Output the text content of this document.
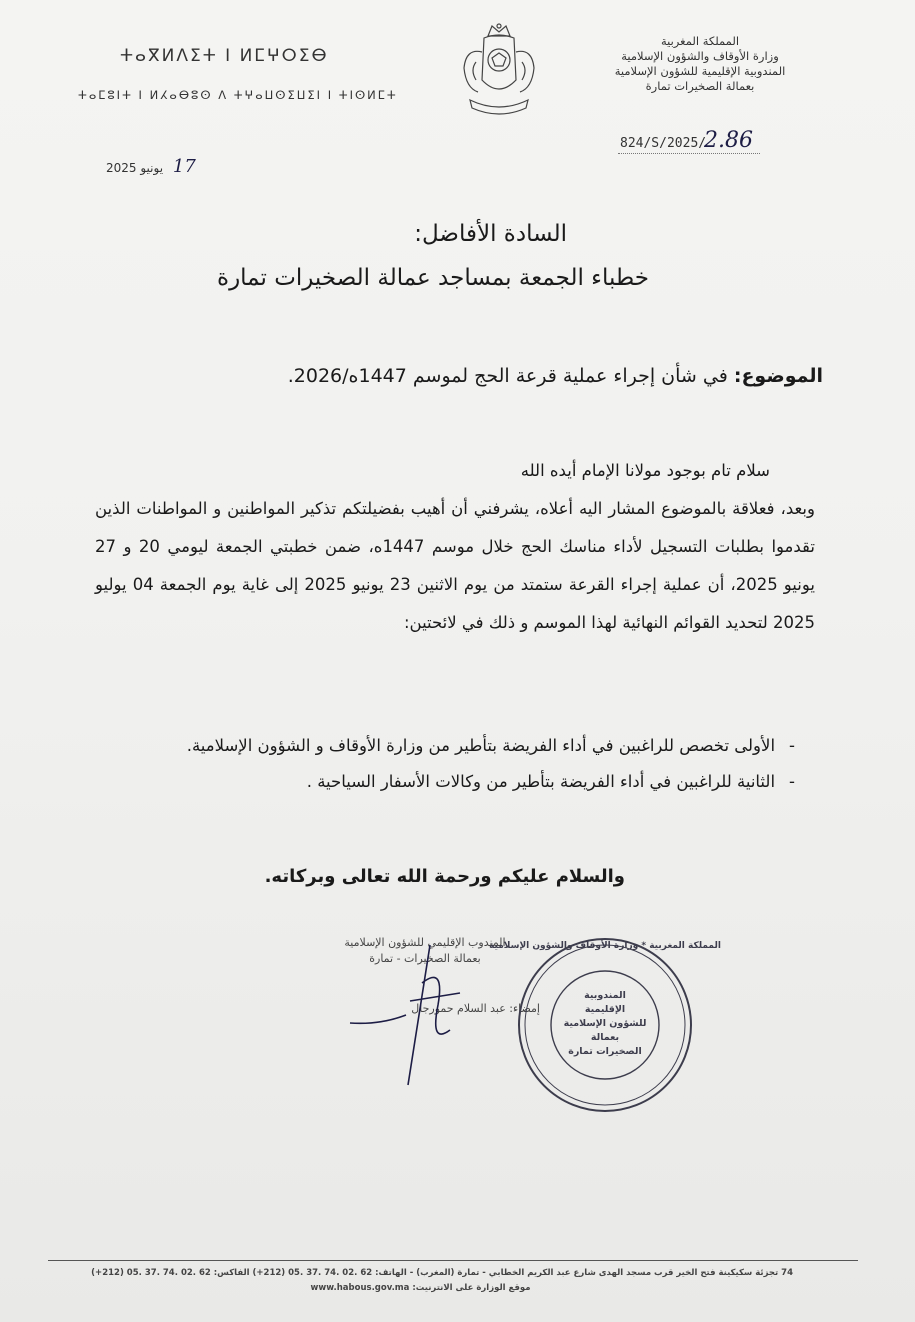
المملكة المغربية
وزارة الأوقاف والشؤون الإسلامية
المندوبية الإقليمية للشؤون الإسلامية
بعمالة الصخيرات تمارة
ⵜⴰⴳⵍⴷⵉⵜ ⵏ ⵍⵎⵖⵔⵉⴱ
ⵜⴰⵎⵓⵏⵜ ⵏ ⵍⵃⴰⴱⵓⵙ ⴷ ⵜⵖⴰⵡⵙⵉⵡⵉⵏ ⵏ ⵜⵏⵙⵍⵎⵜ
824/S/2025/
2.86
17 يونيو 2025
السادة الأفاضل:
خطباء الجمعة بمساجد عمالة الصخيرات تمارة
الموضوع: في شأن إجراء عملية قرعة الحج لموسم 1447ه/2026.

سلام تام بوجود مولانا الإمام أيده الله

وبعد، فعلاقة بالموضوع المشار اليه أعلاه، يشرفني أن أهيب بفضيلتكم تذكير المواطنين و المواطنات الذين تقدموا بطلبات التسجيل لأداء مناسك الحج خلال موسم 1447ه، ضمن خطبتي الجمعة ليومي 20 و 27 يونيو 2025، أن عملية إجراء القرعة ستمتد من يوم الاثنين 23 يونيو 2025 إلى غاية يوم الجمعة 04 يوليو 2025 لتحديد القوائم النهائية لهذا الموسم و ذلك في لائحتين:

-الأولى تخصص للراغبين في أداء الفريضة بتأطير من وزارة الأوقاف و الشؤون الإسلامية.
-الثانية للراغبين في أداء الفريضة بتأطير من وكالات الأسفار السياحية .
والسلام عليكم ورحمة الله تعالى وبركاته.
المندوب الإقليمي للشؤون الإسلامية
بعمالة الصخيرات - تمارة
إمضاء: عبد السلام حمورجال
المملكة المغربية * وزارة الأوقاف والشؤون الإسلامية
المندوبية
الإقليمية
للشؤون الإسلامية
بعمالة
الصخيرات تمارة
74 تجزئة سكيكينة فتح الخير قرب مسجد الهدى شارع عبد الكريم الخطابي - تمارة (المغرب) - الهاتف: 62 .02 .74 .37 .05 (212+) الفاكس: 62 .02 .74 .37 .05 (212+)
موقع الوزارة على الانترنيت: www.habous.gov.ma
